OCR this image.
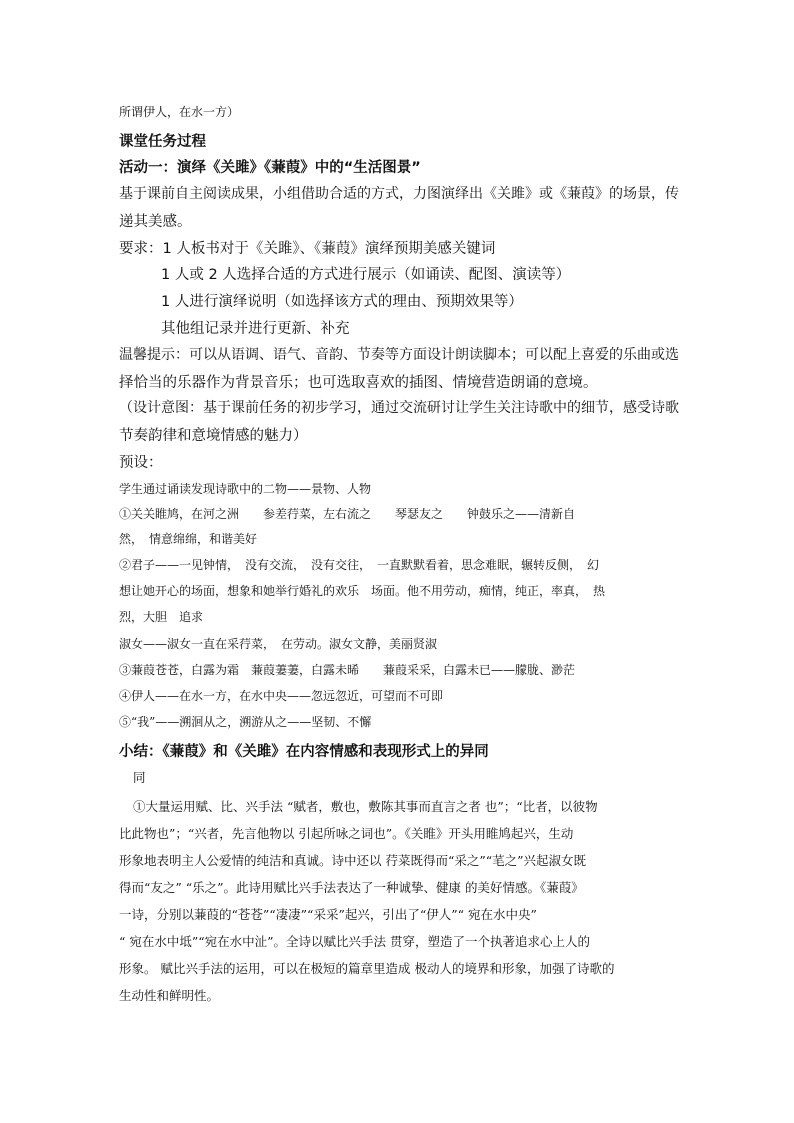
所谓伊人，在水一方）
课堂任务过程
活动一：演绎《关雎》《蒹葭》中的“生活图景”
基于课前自主阅读成果，小组借助合适的方式，力图演绎出《关雎》或《蒹葭》的场景，传
递其美感。
要求：1 人板书对于《关雎》、《蒹葭》演绎预期美感关键词
1 人或 2 人选择合适的方式进行展示（如诵读、配图、演读等）
1 人进行演绎说明（如选择该方式的理由、预期效果等）
其他组记录并进行更新、补充
温馨提示：可以从语调、语气、音韵、节奏等方面设计朗读脚本；可以配上喜爱的乐曲或选
择恰当的乐器作为背景音乐；也可选取喜欢的插图、情境营造朗诵的意境。
（设计意图：基于课前任务的初步学习，通过交流研讨让学生关注诗歌中的细节，感受诗歌
节奏韵律和意境情感的魅力）
预设：
学生通过诵读发现诗歌中的二物——景物、人物
①关关睢鸠，在河之洲　　参差荇菜，左右流之　　琴瑟友之　　钟鼓乐之——清新自
然，　情意绵绵，和谐美好
②君子——一见钟情，　没有交流，　没有交往，　一直默默看着，思念难眠，辗转反侧，　幻
想让她开心的场面，想象和她举行婚礼的欢乐　场面。他不用劳动，痴情，纯正，率真，　热
烈，大胆　追求
淑女——淑女一直在采荇菜，　在劳动。淑女文静，美丽贤淑
③蒹葭苍苍，白露为霜　蒹葭萋萋，白露未晞　　蒹葭采采，白露未已——朦胧、渺茫
④伊人——在水一方，在水中央——忽远忽近，可望而不可即
⑤“我”——溯洄从之，溯游从之——坚韧、不懈
小结：《蒹葭》和《关雎》在内容情感和表现形式上的异同
同
①大量运用赋、比、兴手法 “赋者，敷也，敷陈其事而直言之者 也”；“比者，以彼物
比此物也”；“兴者，先言他物以 引起所咏之词也”。《关睢》开头用睢鸠起兴，生动
形象地表明主人公爱情的纯洁和真诚。诗中还以 荇菜既得而“采之”“芼之”兴起淑女既
得而“友之” “乐之”。此诗用赋比兴手法表达了一种诚挚、健康 的美好情感。《蒹葭》
一诗，分别以蒹葭的“苍苍”“凄凄”“采采”起兴，引出了“伊人”“ 宛在水中央”
“ 宛在水中坻”“宛在水中沚”。全诗以赋比兴手法 贯穿，塑造了一个执著追求心上人的
形象。 赋比兴手法的运用，可以在极短的篇章里造成 极动人的境界和形象，加强了诗歌的
生动性和鲜明性。
